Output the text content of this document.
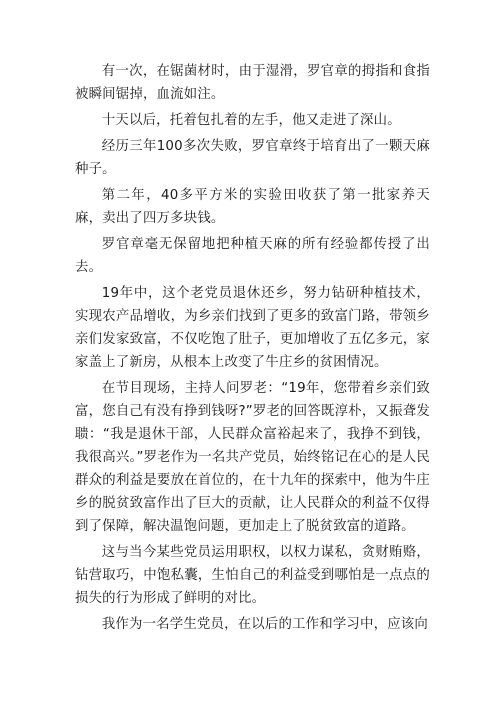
有一次，在锯菌材时，由于湿滑，罗官章的拇指和食指被瞬间锯掉，血流如注。

十天以后，托着包扎着的左手，他又走进了深山。

经历三年100多次失败，罗官章终于培育出了一颗天麻种子。

第二年，40多平方米的实验田收获了第一批家养天麻，卖出了四万多块钱。

罗官章毫无保留地把种植天麻的所有经验都传授了出去。

19年中，这个老党员退休还乡，努力钻研种植技术，实现农产品增收，为乡亲们找到了更多的致富门路，带领乡亲们发家致富，不仅吃饱了肚子，更加增收了五亿多元，家家盖上了新房，从根本上改变了牛庄乡的贫困情况。

在节目现场，主持人问罗老：“19年，您带着乡亲们致富，您自己有没有挣到钱呀?”罗老的回答既淳朴，又振聋发聩：“我是退休干部，人民群众富裕起来了，我挣不到钱，我很高兴。”罗老作为一名共产党员，始终铭记在心的是人民群众的利益是要放在首位的，在十九年的探索中，他为牛庄乡的脱贫致富作出了巨大的贡献，让人民群众的利益不仅得到了保障，解决温饱问题，更加走上了脱贫致富的道路。

这与当今某些党员运用职权，以权力谋私，贪财贿赂，钻营取巧，中饱私囊，生怕自己的利益受到哪怕是一点点的损失的行为形成了鲜明的对比。

我作为一名学生党员，在以后的工作和学习中，应该向
